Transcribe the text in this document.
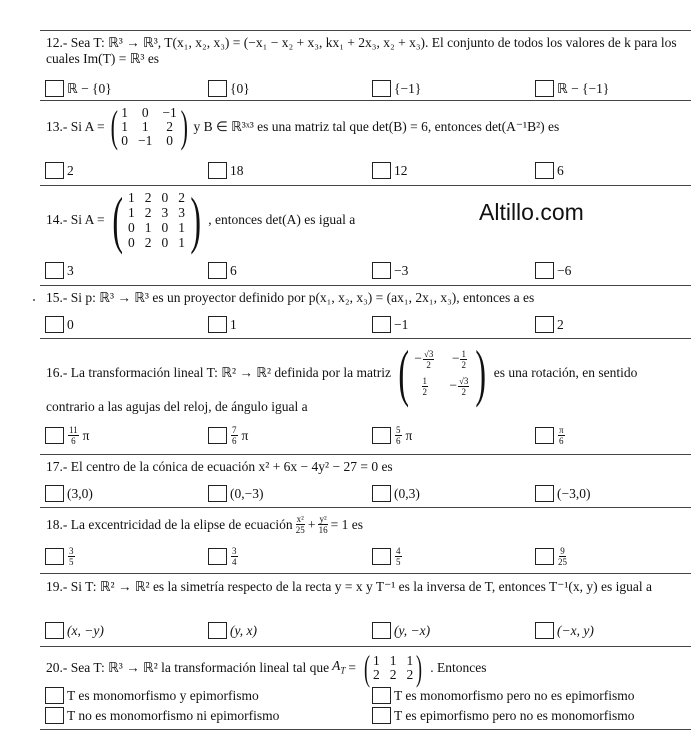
12.- Sea T: ℝ³ → ℝ³, T(x₁, x₂, x₃) = (−x₁ − x₂ + x₃, kx₁ + 2x₃, x₂ + x₃). El conjunto de todos los valores de k para los cuales Im(T) = ℝ³ es
ℝ − {0}	{0}	{−1}	ℝ − {−1}
13.- Si A = ( 1 0 −1
1 1 2
0 −1 0 ) y B ∈ ℝ³ˣ³ es una matriz tal que det(B) = 6, entonces det(A⁻¹B²) es
2	18	12	6
14.- Si A = ( 1 2 0 2
1 2 3 3
0 1 0 1
0 2 0 1 ) , entonces det(A) es igual a
3	6	−3	−6
15.- Si p: ℝ³ → ℝ³ es un proyector definido por p(x₁, x₂, x₃) = (ax₁, 2x₁, x₃), entonces a es
0	1	−1	2
16.- La transformación lineal T: ℝ² → ℝ² definida por la matriz ( − $\frac{√3}{2} - \frac{1}{2}$
$\frac{1}{2} - \frac{√3}{2}$ ) es una rotación, en sentido
contrario a las agujas del reloj, de ángulo igual a
$\frac{11}{6}$ π	$\frac{7}{6}$ π	$\frac{5}{6}$ π	$\frac{\pi}{6}$
17.- El centro de la cónica de ecuación x² + 6x − 4y² − 27 = 0 es
(3,0)	(0,−3)	(0,3)	(−3,0)
18.- La excentricidad de la elipse de ecuación $\frac{\text{x²}}{25} + \frac{\text{y²}}{16} = 1$ es
$\frac{3}{5}$	$\frac{3}{4}$	$\frac{4}{5}$	$\frac{9}{25}$
19.- Si T: ℝ² → ℝ² es la simetría respecto de la recta y = x y T⁻¹ es la inversa de T, entonces T⁻¹(x, y) es igual a
(x, −y)	(y, x)	(y, −x)	(−x, y)
20.- Sea T: ℝ³ → ℝ² la transformación lineal tal que $A_T$ = ( 1 1 1
2 2 2 ) . Entonces
T es monomorfismo y epimorfismo	T es monomorfismo pero no es epimorfismo
T no es monomorfismo ni epimorfismo	T es epimorfismo pero no es monomorfismo
Altillo.com
